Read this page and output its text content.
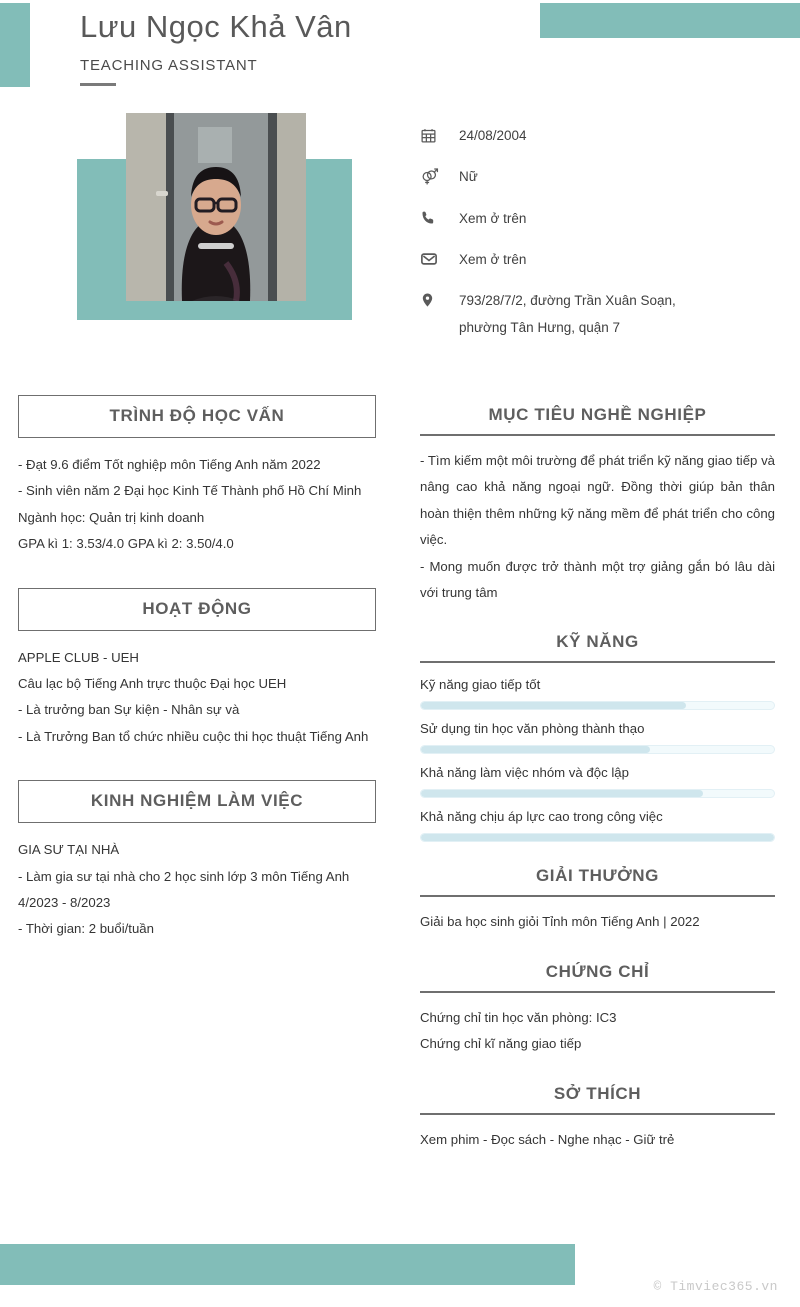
Lưu Ngọc Khả Vân
TEACHING ASSISTANT
24/08/2004
Nữ
Xem ở trên
Xem ở trên
793/28/7/2, đường Trần Xuân Soạn,
phường Tân Hưng, quận 7
TRÌNH ĐỘ HỌC VẤN

- Đạt 9.6 điểm Tốt nghiệp môn Tiếng Anh năm 2022

- Sinh viên năm 2 Đại học Kinh Tế Thành phố Hồ Chí Minh

Ngành học: Quản trị kinh doanh

GPA kì 1: 3.53/4.0 GPA kì 2: 3.50/4.0

HOẠT ĐỘNG

APPLE CLUB - UEH

Câu lạc bộ Tiếng Anh trực thuộc Đại học UEH

- Là trưởng ban Sự kiện - Nhân sự và

- Là Trưởng Ban tổ chức nhiều cuộc thi học thuật Tiếng Anh

KINH NGHIỆM LÀM VIỆC

GIA SƯ TẠI NHÀ

- Làm gia sư tại nhà cho 2 học sinh lớp 3 môn Tiếng Anh

4/2023 - 8/2023

- Thời gian: 2 buổi/tuần

MỤC TIÊU NGHỀ NGHIỆP

- Tìm kiếm một môi trường để phát triển kỹ năng giao tiếp và nâng cao khả năng ngoại ngữ. Đồng thời giúp bản thân hoàn thiện thêm những kỹ năng mềm để phát triển cho công việc.

- Mong muốn được trở thành một trợ giảng gắn bó lâu dài với trung tâm

KỸ NĂNG
Kỹ năng giao tiếp tốt
Sử dụng tin học văn phòng thành thạo
Khả năng làm việc nhóm và độc lập
Khả năng chịu áp lực cao trong công việc
GIẢI THƯỞNG

Giải ba học sinh giỏi Tỉnh môn Tiếng Anh | 2022

CHỨNG CHỈ

Chứng chỉ tin học văn phòng: IC3

Chứng chỉ kĩ năng giao tiếp

SỞ THÍCH

Xem phim - Đọc sách - Nghe nhạc - Giữ trẻ

© Timviec365.vn
